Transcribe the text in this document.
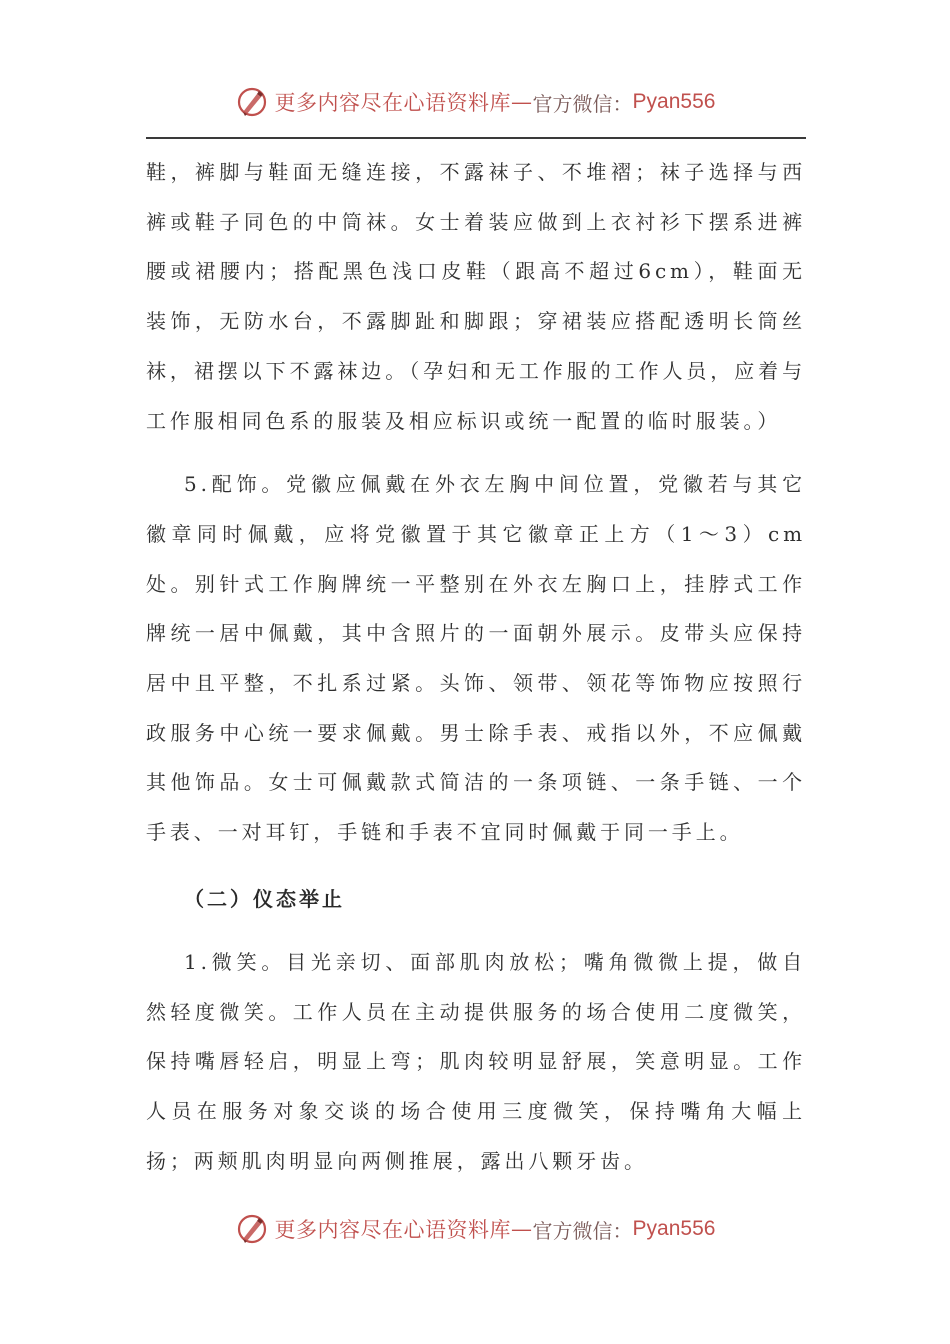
更多内容尽在心语资料库 — 官方微信： Pyan556

鞋，裤脚与鞋面无缝连接，不露袜子、不堆褶；袜子选择与西裤或鞋子同色的中筒袜。女士着装应做到上衣衬衫下摆系进裤腰或裙腰内；搭配黑色浅口皮鞋（跟高不超过6cm），鞋面无装饰，无防水台，不露脚趾和脚跟；穿裙装应搭配透明长筒丝袜，裙摆以下不露袜边。（孕妇和无工作服的工作人员，应着与工作服相同色系的服装及相应标识或统一配置的临时服装。）

5.配饰。党徽应佩戴在外衣左胸中间位置，党徽若与其它徽章同时佩戴，应将党徽置于其它徽章正上方（1～3）cm处。别针式工作胸牌统一平整别在外衣左胸口上，挂脖式工作牌统一居中佩戴，其中含照片的一面朝外展示。皮带头应保持居中且平整，不扎系过紧。头饰、领带、领花等饰物应按照行政服务中心统一要求佩戴。男士除手表、戒指以外，不应佩戴其他饰品。女士可佩戴款式简洁的一条项链、一条手链、一个手表、一对耳钉，手链和手表不宜同时佩戴于同一手上。

（二）仪态举止

1.微笑。目光亲切、面部肌肉放松；嘴角微微上提，做自然轻度微笑。工作人员在主动提供服务的场合使用二度微笑，保持嘴唇轻启，明显上弯；肌肉较明显舒展，笑意明显。工作人员在服务对象交谈的场合使用三度微笑，保持嘴角大幅上扬；两颊肌肉明显向两侧推展，露出八颗牙齿。

更多内容尽在心语资料库 — 官方微信： Pyan556
